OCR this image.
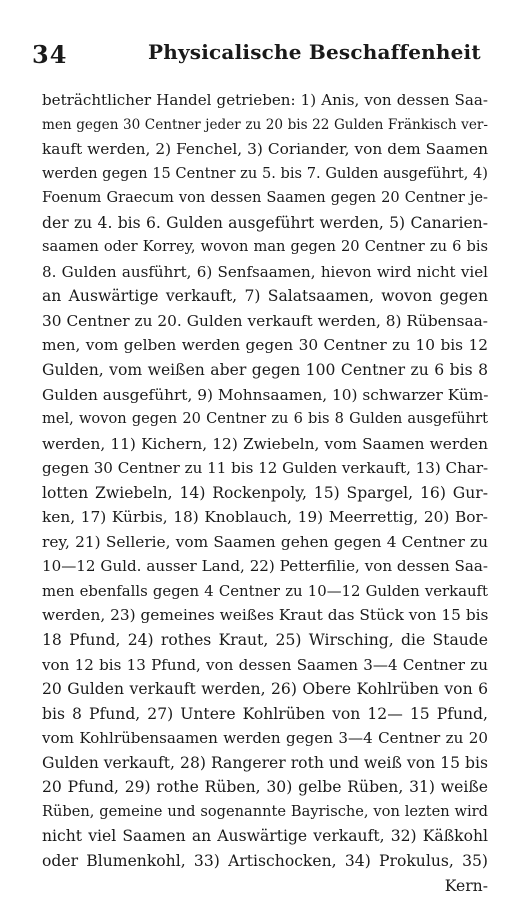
34	Physicalische Beschaffenheit
beträchtlicher Handel getrieben: 1) Anis, von dessen Saa-
men gegen 30 Centner jeder zu 20 bis 22 Gulden Fränkisch ver-
kauft werden, 2) Fenchel, 3) Coriander, von dem Saamen
werden gegen 15 Centner zu 5. bis 7. Gulden ausgeführt, 4)
Foenum Graecum von dessen Saamen gegen 20 Centner je-
der zu 4. bis 6. Gulden ausgeführt werden, 5) Canarien-
saamen oder Korrey, wovon man gegen 20 Centner zu 6 bis
8. Gulden ausführt, 6) Senfsaamen, hievon wird nicht viel
an Auswärtige verkauft, 7) Salatsaamen, wovon gegen
30 Centner zu 20. Gulden verkauft werden, 8) Rübensaa-
men, vom gelben werden gegen 30 Centner zu 10 bis 12
Gulden, vom weißen aber gegen 100 Centner zu 6 bis 8
Gulden ausgeführt, 9) Mohnsaamen, 10) schwarzer Küm-
mel, wovon gegen 20 Centner zu 6 bis 8 Gulden ausgeführt
werden, 11) Kichern, 12) Zwiebeln, vom Saamen werden
gegen 30 Centner zu 11 bis 12 Gulden verkauft, 13) Char-
lotten Zwiebeln, 14) Rockenpoly, 15) Spargel, 16) Gur-
ken, 17) Kürbis, 18) Knoblauch, 19) Meerrettig, 20) Bor-
rey, 21) Sellerie, vom Saamen gehen gegen 4 Centner zu
10—12 Guld. ausser Land, 22) Petterfilie, von dessen Saa-
men ebenfalls gegen 4 Centner zu 10—12 Gulden verkauft
werden, 23) gemeines weißes Kraut das Stück von 15 bis
18 Pfund, 24) rothes Kraut, 25) Wirsching, die Staude
von 12 bis 13 Pfund, von dessen Saamen 3—4 Centner zu
20 Gulden verkauft werden, 26) Obere Kohlrüben von 6
bis 8 Pfund, 27) Untere Kohlrüben von 12— 15 Pfund,
vom Kohlrübensaamen werden gegen 3—4 Centner zu 20
Gulden verkauft, 28) Rangerer roth und weiß von 15 bis
20 Pfund, 29) rothe Rüben, 30) gelbe Rüben, 31) weiße
Rüben, gemeine und sogenannte Bayrische, von lezten wird
nicht viel Saamen an Auswärtige verkauft, 32) Käßkohl
oder Blumenkohl, 33) Artischocken, 34) Prokulus, 35)
Kern-
